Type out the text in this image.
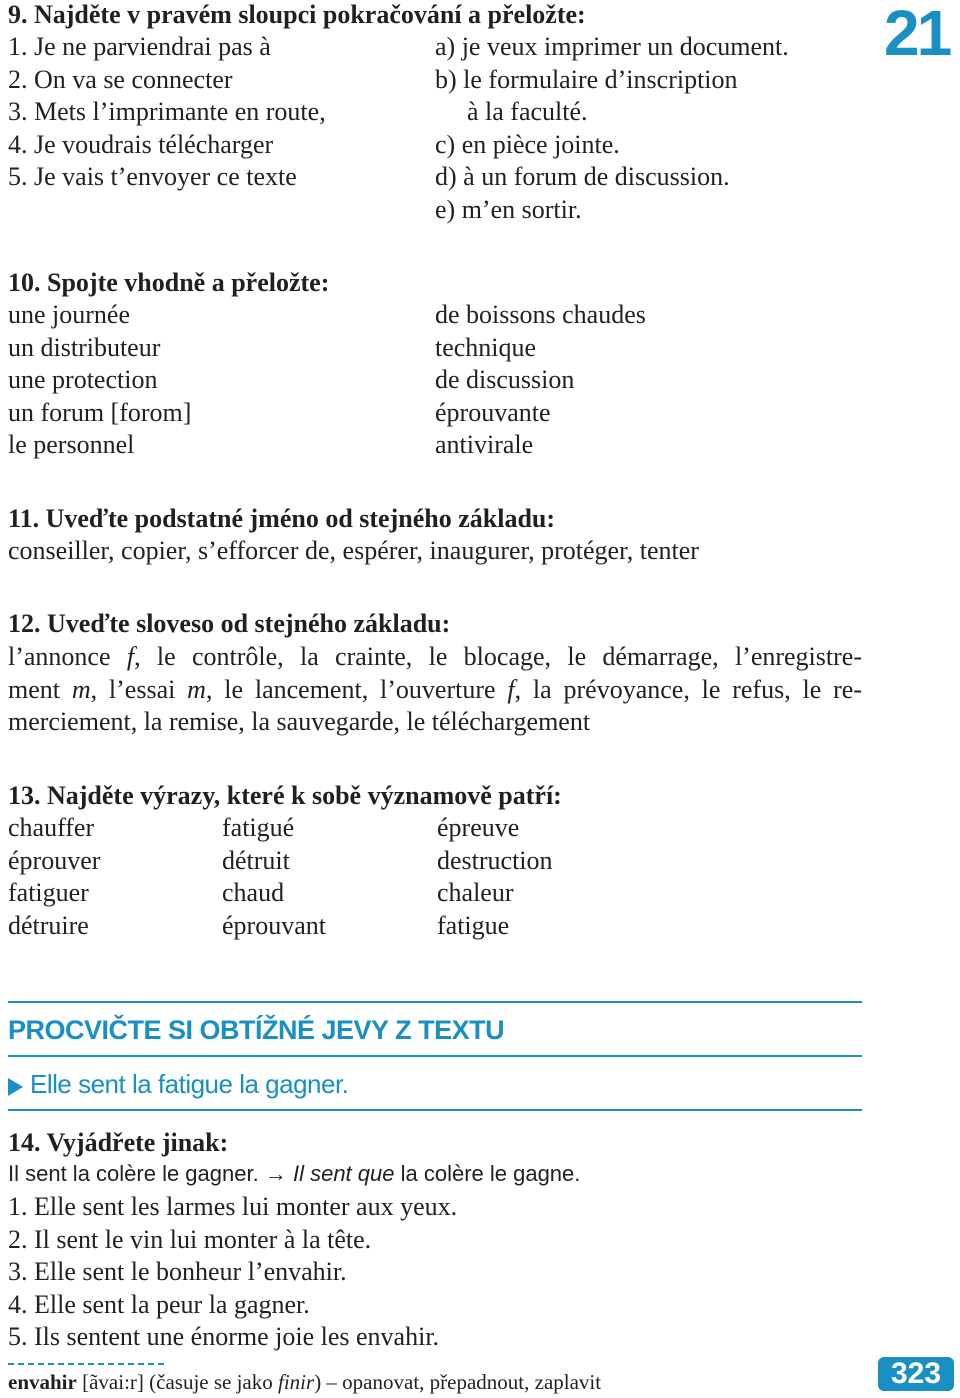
21
9. Najděte v pravém sloupci pokračování a přeložte:
1. Je ne parviendrai pas à
2. On va se connecter
3. Mets l’imprimante en route,
4. Je voudrais télécharger
5. Je vais t’envoyer ce texte
a) je veux imprimer un document.
b) le formulaire d’inscription
à la faculté.
c) en pièce jointe.
d) à un forum de discussion.
e) m’en sortir.
10. Spojte vhodně a přeložte:
une journée
un distributeur
une protection
un forum [forom]
le personnel
de boissons chaudes
technique
de discussion
éprouvante
antivirale
11. Uveďte podstatné jméno od stejného základu:
conseiller, copier, s’efforcer de, espérer, inaugurer, protéger, tenter
12. Uveďte sloveso od stejného základu:
l’annonce f, le contrôle, la crainte, le blocage, le démarrage, l’enregistre-
ment m, l’essai m, le lancement, l’ouverture f, la prévoyance, le refus, le re-
merciement, la remise, la sauvegarde, le téléchargement
13. Najděte výrazy, které k sobě významově patří:
chauffer
éprouver
fatiguer
détruire
fatigué
détruit
chaud
éprouvant
épreuve
destruction
chaleur
fatigue
PROCVIČTE SI OBTÍŽNÉ JEVY Z TEXTU
Elle sent la fatigue la gagner.
14. Vyjádřete jinak:
Il sent la colère le gagner. → Il sent que la colère le gagne.
1. Elle sent les larmes lui monter aux yeux.
2. Il sent le vin lui monter à la tête.
3. Elle sent le bonheur l’envahir.
4. Elle sent la peur la gagner.
5. Ils sentent une énorme joie les envahir.
envahir [ãvai:r] (časuje se jako finir) – opanovat, přepadnout, zaplavit	323
